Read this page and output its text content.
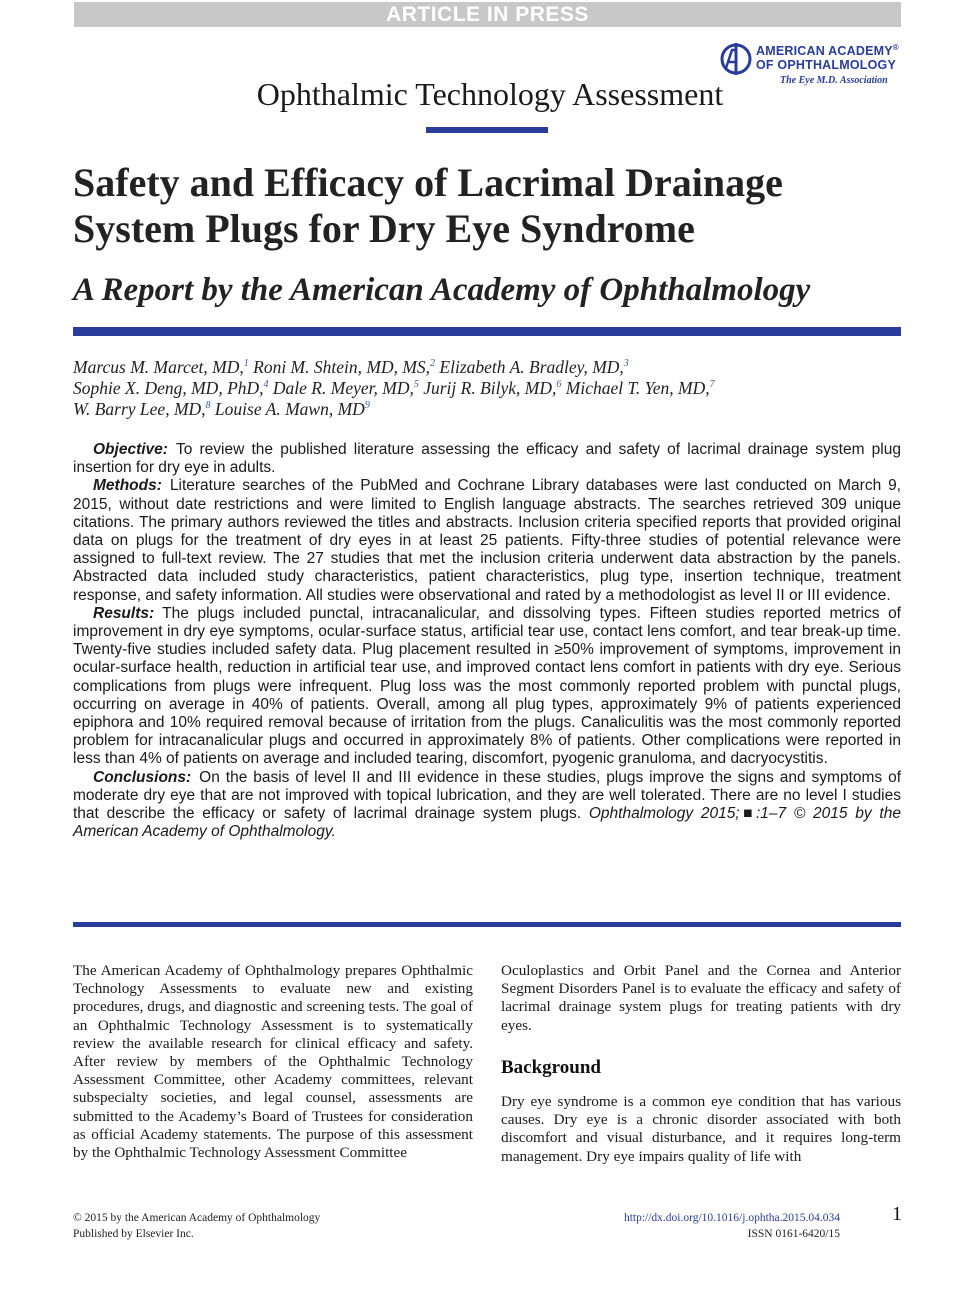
ARTICLE IN PRESS
AMERICAN ACADEMY®
OF OPHTHALMOLOGY
The Eye M.D. Association
Ophthalmic Technology Assessment
Safety and Efficacy of Lacrimal Drainage
System Plugs for Dry Eye Syndrome
A Report by the American Academy of Ophthalmology
Marcus M. Marcet, MD,$^1$ Roni M. Shtein, MD, MS,$^2$ Elizabeth A. Bradley, MD,$^3$
Sophie X. Deng, MD, PhD,$^4$ Dale R. Meyer, MD,$^5$ Jurij R. Bilyk, MD,$^6$ Michael T. Yen, MD,$^7$
W. Barry Lee, MD,$^8$ Louise A. Mawn, $MD^9$

Objective: To review the published literature assessing the efficacy and safety of lacrimal drainage system plug insertion for dry eye in adults.

Methods: Literature searches of the PubMed and Cochrane Library databases were last conducted on March 9, 2015, without date restrictions and were limited to English language abstracts. The searches retrieved 309 unique citations. The primary authors reviewed the titles and abstracts. Inclusion criteria specified reports that provided original data on plugs for the treatment of dry eyes in at least 25 patients. Fifty-three studies of potential relevance were assigned to full-text review. The 27 studies that met the inclusion criteria underwent data abstraction by the panels. Abstracted data included study characteristics, patient characteristics, plug type, insertion technique, treatment response, and safety information. All studies were observational and rated by a methodologist as level II or III evidence.

Results: The plugs included punctal, intracanalicular, and dissolving types. Fifteen studies reported metrics of improvement in dry eye symptoms, ocular-surface status, artificial tear use, contact lens comfort, and tear break-up time. Twenty-five studies included safety data. Plug placement resulted in ≥50% improvement of symptoms, improvement in ocular-surface health, reduction in artificial tear use, and improved contact lens comfort in patients with dry eye. Serious complications from plugs were infrequent. Plug loss was the most commonly reported problem with punctal plugs, occurring on average in 40% of patients. Overall, among all plug types, approximately 9% of patients experienced epiphora and 10% required removal because of irritation from the plugs. Canaliculitis was the most commonly reported problem for intracanalicular plugs and occurred in approximately 8% of patients. Other complications were reported in less than 4% of patients on average and included tearing, discomfort, pyogenic granuloma, and dacryocystitis.

Conclusions: On the basis of level II and III evidence in these studies, plugs improve the signs and symptoms of moderate dry eye that are not improved with topical lubrication, and they are well tolerated. There are no level I studies that describe the efficacy or safety of lacrimal drainage system plugs. Ophthalmology 2015;■:1–7 © 2015 by the American Academy of Ophthalmology.

The American Academy of Ophthalmology prepares Ophthalmic Technology Assessments to evaluate new and existing procedures, drugs, and diagnostic and screening tests. The goal of an Ophthalmic Technology Assessment is to systematically review the available research for clinical efficacy and safety. After review by members of the Ophthalmic Technology Assessment Committee, other Academy committees, relevant subspecialty societies, and legal counsel, assessments are submitted to the Academy’s Board of Trustees for consideration as official Academy statements. The purpose of this assessment by the Ophthalmic Technology Assessment Committee

Oculoplastics and Orbit Panel and the Cornea and Anterior Segment Disorders Panel is to evaluate the efficacy and safety of lacrimal drainage system plugs for treating patients with dry eyes.

Background

Dry eye syndrome is a common eye condition that has various causes. Dry eye is a chronic disorder associated with both discomfort and visual disturbance, and it requires long-term management. Dry eye impairs quality of life with

© 2015 by the American Academy of Ophthalmology
Published by Elsevier Inc.
http://dx.doi.org/10.1016/j.ophtha.2015.04.034
ISSN 0161-6420/15
1
